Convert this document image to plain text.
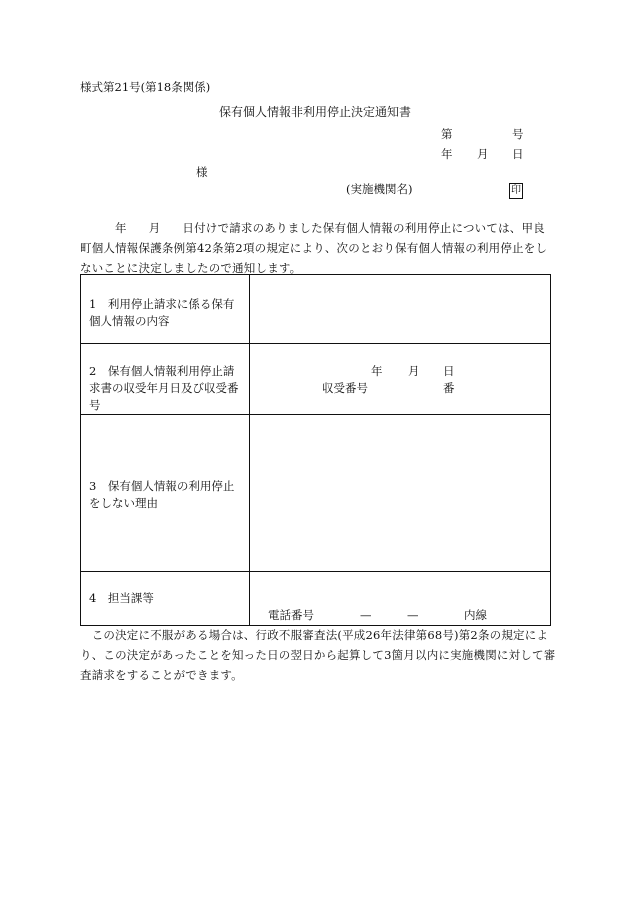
様式第21号(第18条関係)
保有個人情報非利用停止決定通知書
第	号
年 月 日
様
(実施機関名)	印
年 月 日付けで請求のありました保有個人情報の利用停止については、甲良町個人情報保護条例第42条第2項の規定により、次のとおり保有個人情報の利用停止をしないことに決定しましたので通知します。
1　利用停止請求に係る保有個人情報の内容	

2　保有個人情報利用停止請求書の収受年月日及び収受番号	年 月 日
収受番号 番

3　保有個人情報の利用停止をしない理由	

4　担当課等	電話番号 — — 内線
　この決定に不服がある場合は、行政不服審査法(平成26年法律第68号)第2条の規定により、この決定があったことを知った日の翌日から起算して3箇月以内に実施機関に対して審査請求をすることができます。
